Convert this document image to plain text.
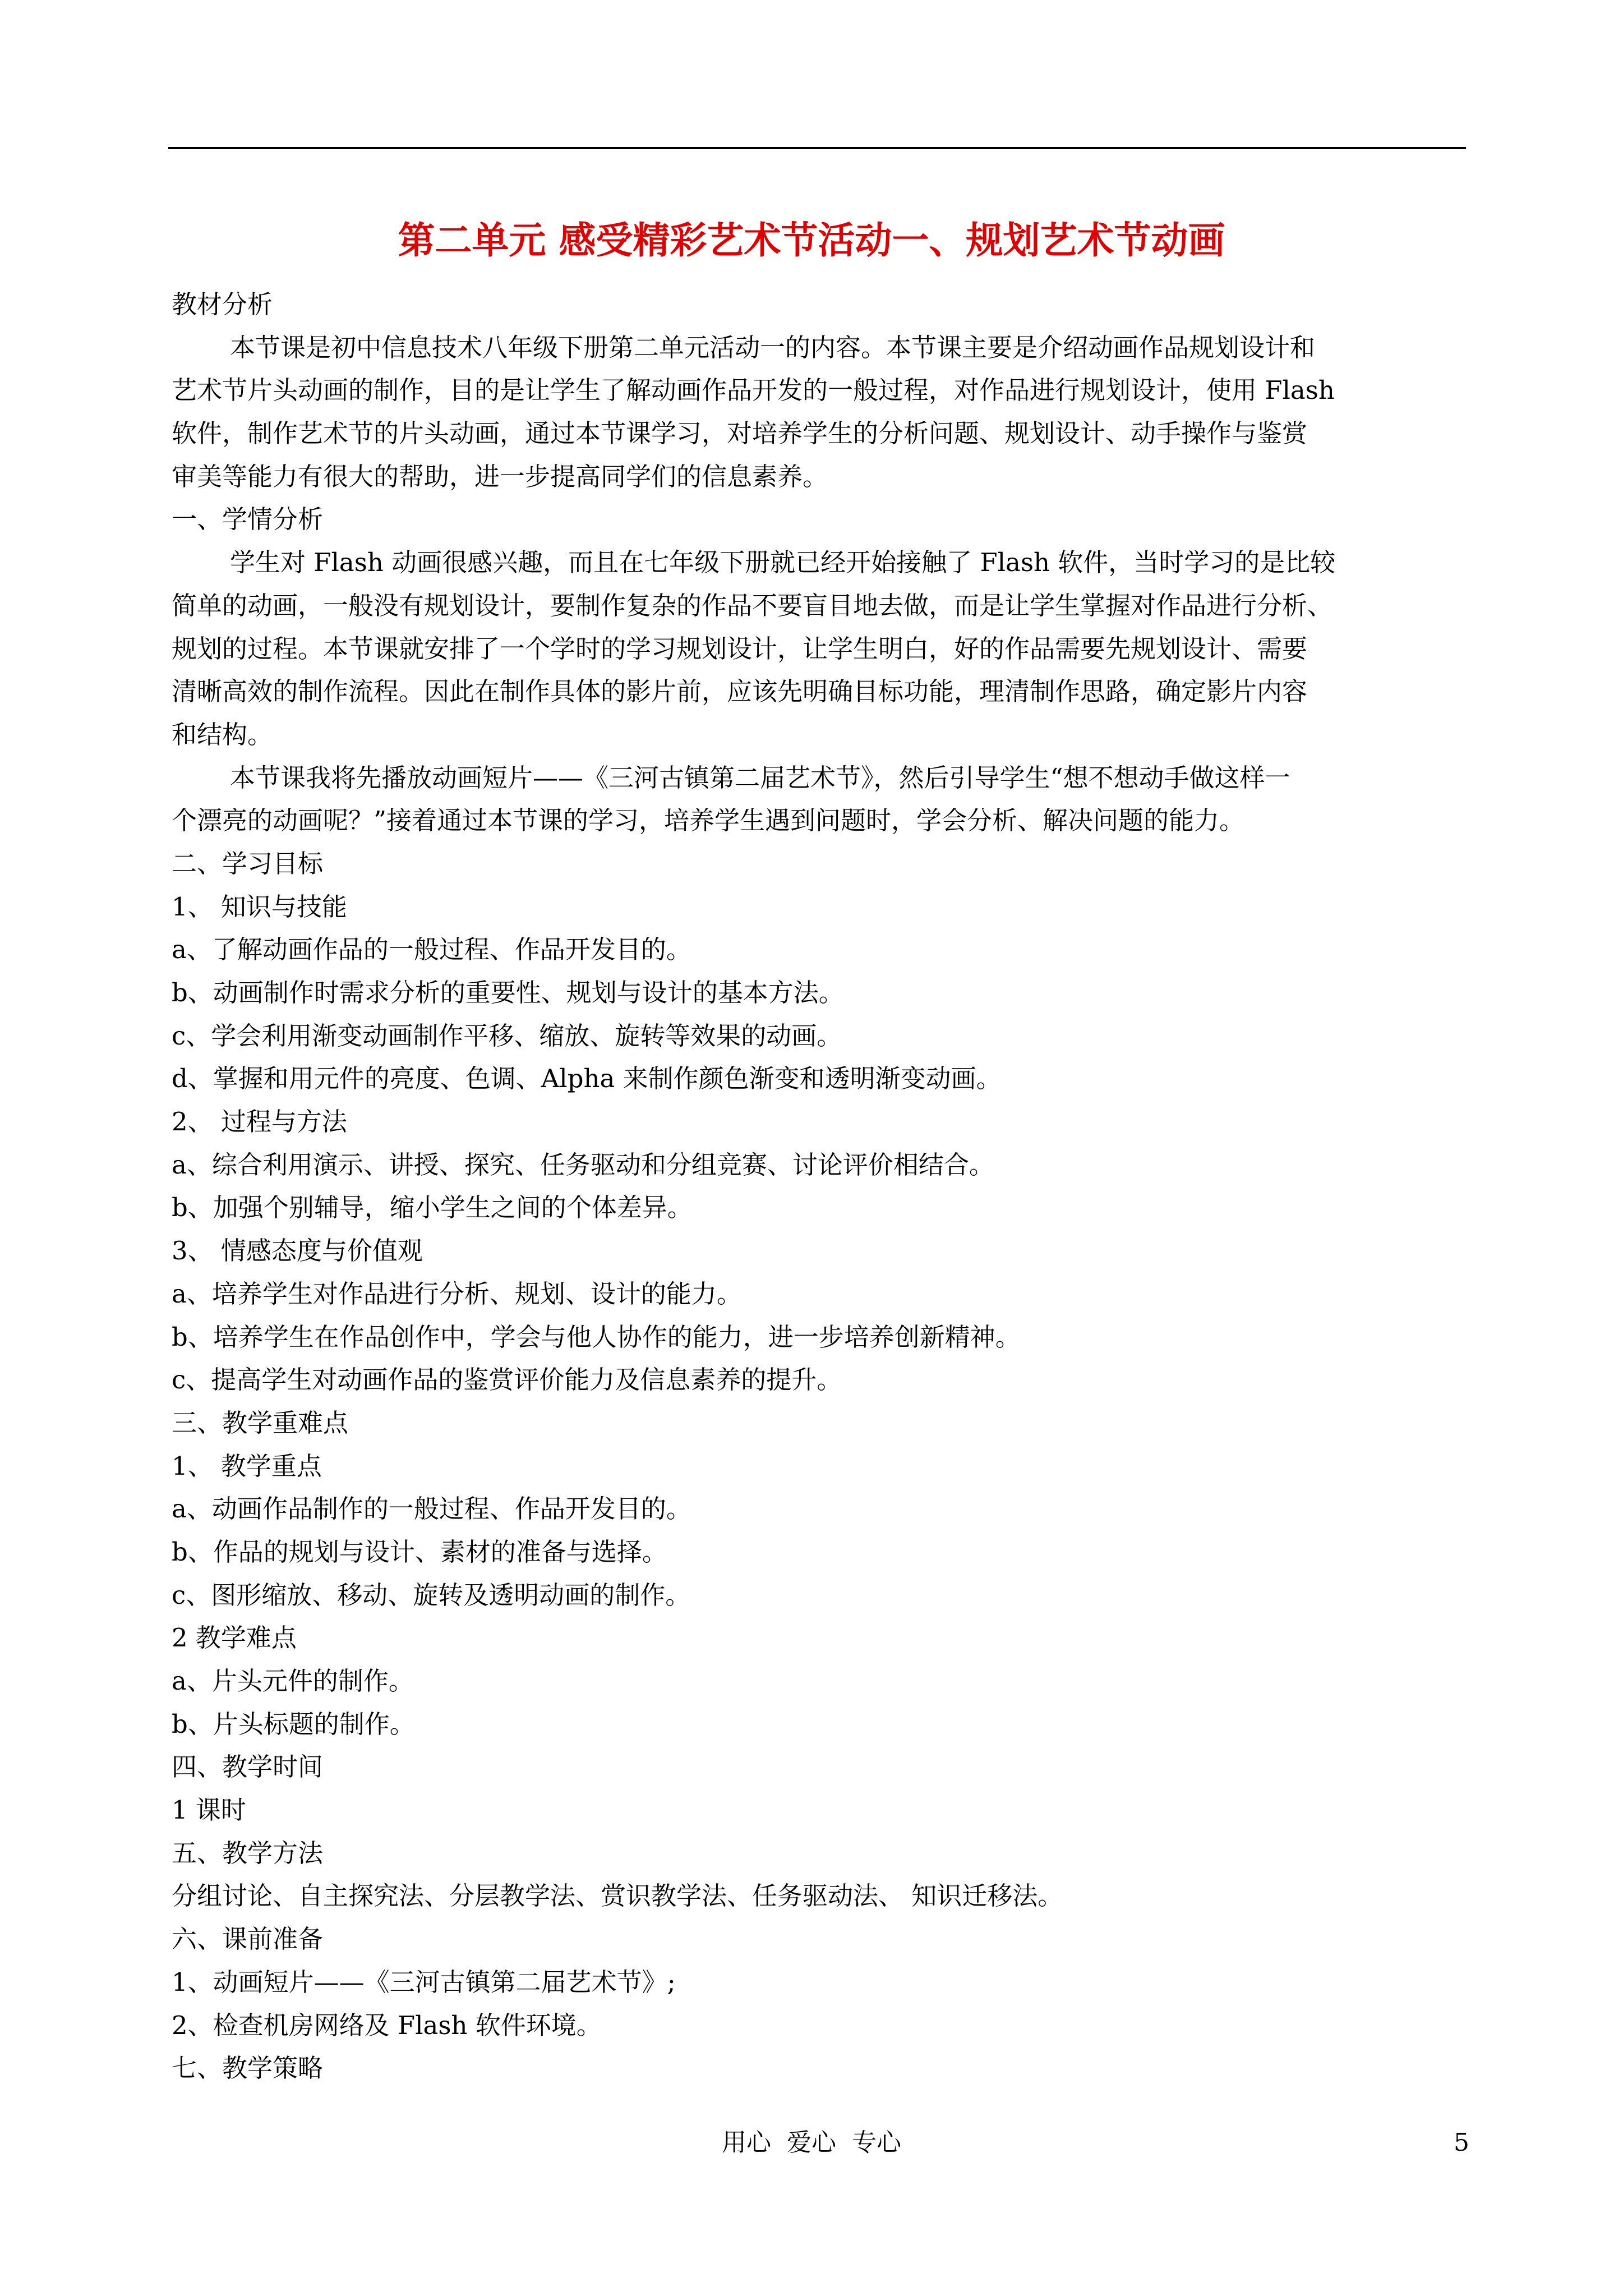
第二单元 感受精彩艺术节活动一、规划艺术节动画
教材分析
本节课是初中信息技术八年级下册第二单元活动一的内容。本节课主要是介绍动画作品规划设计和
艺术节片头动画的制作，目的是让学生了解动画作品开发的一般过程，对作品进行规划设计，使用 Flash
软件，制作艺术节的片头动画，通过本节课学习，对培养学生的分析问题、规划设计、动手操作与鉴赏
审美等能力有很大的帮助，进一步提高同学们的信息素养。
一、学情分析
学生对 Flash 动画很感兴趣，而且在七年级下册就已经开始接触了 Flash 软件，当时学习的是比较
简单的动画，一般没有规划设计，要制作复杂的作品不要盲目地去做，而是让学生掌握对作品进行分析、
规划的过程。本节课就安排了一个学时的学习规划设计，让学生明白，好的作品需要先规划设计、需要
清晰高效的制作流程。因此在制作具体的影片前，应该先明确目标功能，理清制作思路，确定影片内容
和结构。
本节课我将先播放动画短片——《三河古镇第二届艺术节》，然后引导学生“想不想动手做这样一
个漂亮的动画呢？”接着通过本节课的学习，培养学生遇到问题时，学会分析、解决问题的能力。
二、学习目标
1、 知识与技能
a、了解动画作品的一般过程、作品开发目的。
b、动画制作时需求分析的重要性、规划与设计的基本方法。
c、学会利用渐变动画制作平移、缩放、旋转等效果的动画。
d、掌握和用元件的亮度、色调、Alpha 来制作颜色渐变和透明渐变动画。
2、 过程与方法
a、综合利用演示、讲授、探究、任务驱动和分组竞赛、讨论评价相结合。
b、加强个别辅导，缩小学生之间的个体差异。
3、 情感态度与价值观
a、培养学生对作品进行分析、规划、设计的能力。
b、培养学生在作品创作中，学会与他人协作的能力，进一步培养创新精神。
c、提高学生对动画作品的鉴赏评价能力及信息素养的提升。
三、教学重难点
1、 教学重点
a、动画作品制作的一般过程、作品开发目的。
b、作品的规划与设计、素材的准备与选择。
c、图形缩放、移动、旋转及透明动画的制作。
2 教学难点
a、片头元件的制作。
b、片头标题的制作。
四、教学时间
1 课时
五、教学方法
分组讨论、自主探究法、分层教学法、赏识教学法、任务驱动法、 知识迁移法。
六、课前准备
1、动画短片——《三河古镇第二届艺术节》;
2、检查机房网络及 Flash 软件环境。
七、教学策略
用心  爱心  专心	5
